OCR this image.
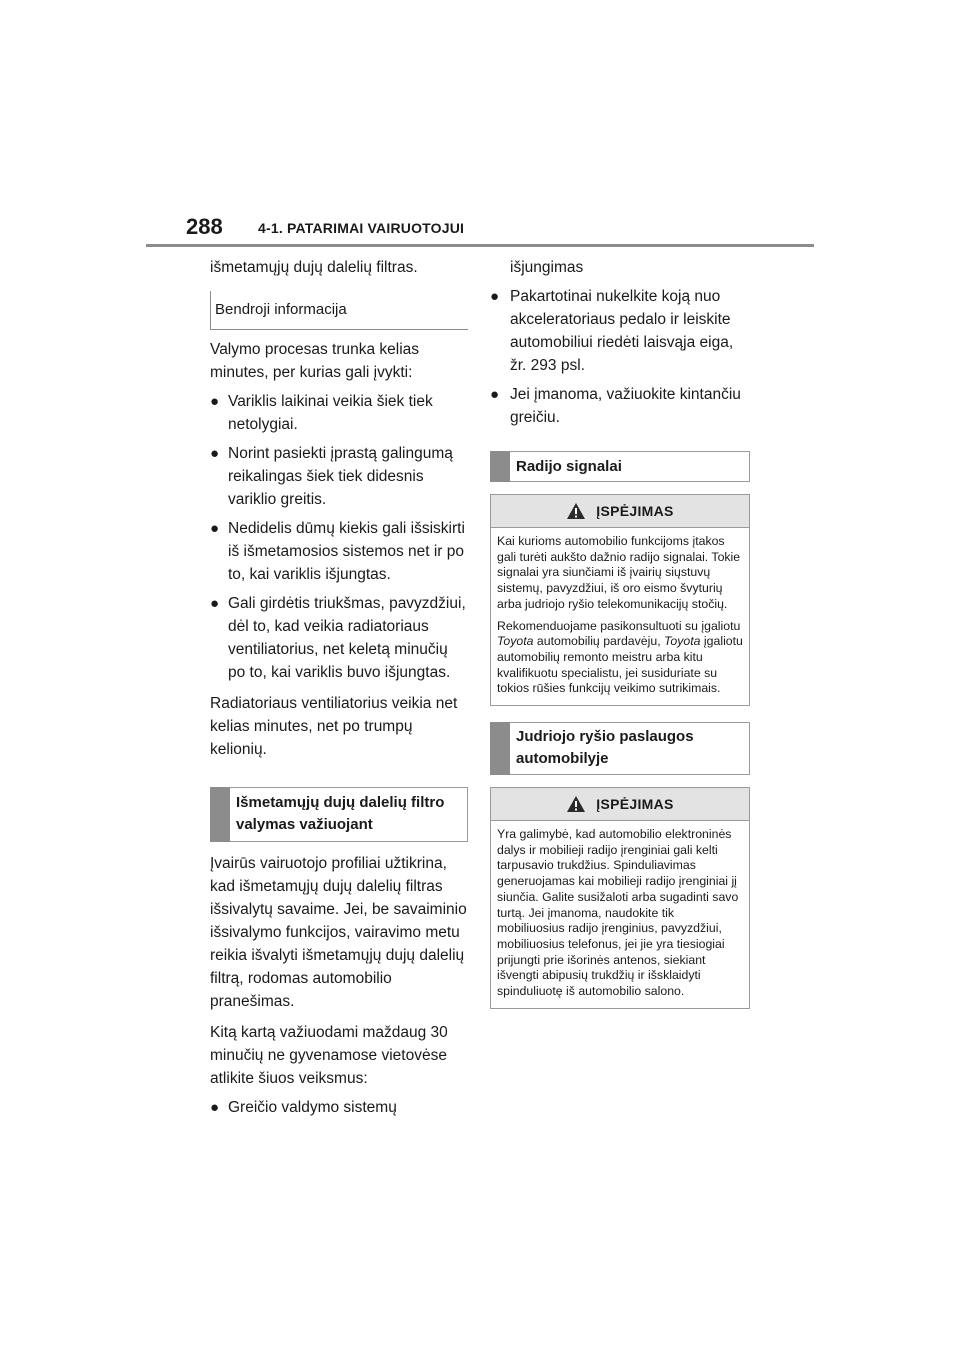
288	4-1. PATARIMAI VAIRUOTOJUI

išmetamųjų dujų dalelių filtras.

Bendroji informacija

Valymo procesas trunka kelias minutes, per kurias gali įvykti:

● Variklis laikinai veikia šiek tiek netolygiai.
● Norint pasiekti įprastą galingumą reikalingas šiek tiek didesnis variklio greitis.
● Nedidelis dūmų kiekis gali išsiskirti iš išmetamosios sistemos net ir po to, kai variklis išjungtas.
● Gali girdėtis triukšmas, pavyzdžiui, dėl to, kad veikia radiatoriaus ventiliatorius, net keletą minučių po to, kai variklis buvo išjungtas.

Radiatoriaus ventiliatorius veikia net kelias minutes, net po trumpų kelionių.

Išmetamųjų dujų dalelių filtro valymas važiuojant

Įvairūs vairuotojo profiliai užtikrina, kad išmetamųjų dujų dalelių filtras išsivalytų savaime. Jei, be savaiminio išsivalymo funkcijos, vairavimo metu reikia išvalyti išmetamųjų dujų dalelių filtrą, rodomas automobilio pranešimas.

Kitą kartą važiuodami maždaug 30 minučių ne gyvenamose vietovėse atlikite šiuos veiksmus:

● Greičio valdymo sistemų

išjungimas

● Pakartotinai nukelkite koją nuo akceleratoriaus pedalo ir leiskite automobiliui riedėti laisvąja eiga, žr. 293 psl.
● Jei įmanoma, važiuokite kintančiu greičiu.
Radijo signalai
ĮSPĖJIMAS

Kai kurioms automobilio funkcijoms įtakos gali turėti aukšto dažnio radijo signalai. Tokie signalai yra siunčiami iš įvairių siųstuvų sistemų, pavyzdžiui, iš oro eismo švyturių arba judriojo ryšio telekomunikacijų stočių.

Rekomenduojame pasikonsultuoti su įgaliotu Toyota automobilių pardavėju, Toyota įgaliotu automobilių remonto meistru arba kitu kvalifikuotu specialistu, jei susiduriate su tokios rūšies funkcijų veikimo sutrikimais.

Judriojo ryšio paslaugos automobilyje
ĮSPĖJIMAS

Yra galimybė, kad automobilio elektroninės dalys ir mobilieji radijo įrenginiai gali kelti tarpusavio trukdžius. Spinduliavimas generuojamas kai mobilieji radijo įrenginiai jį siunčia. Galite susižaloti arba sugadinti savo turtą. Jei įmanoma, naudokite tik mobiliuosius radijo įrenginius, pavyzdžiui, mobiliuosius telefonus, jei jie yra tiesiogiai prijungti prie išorinės antenos, siekiant išvengti abipusių trukdžių ir išsklaidyti spinduliuotę iš automobilio salono.
